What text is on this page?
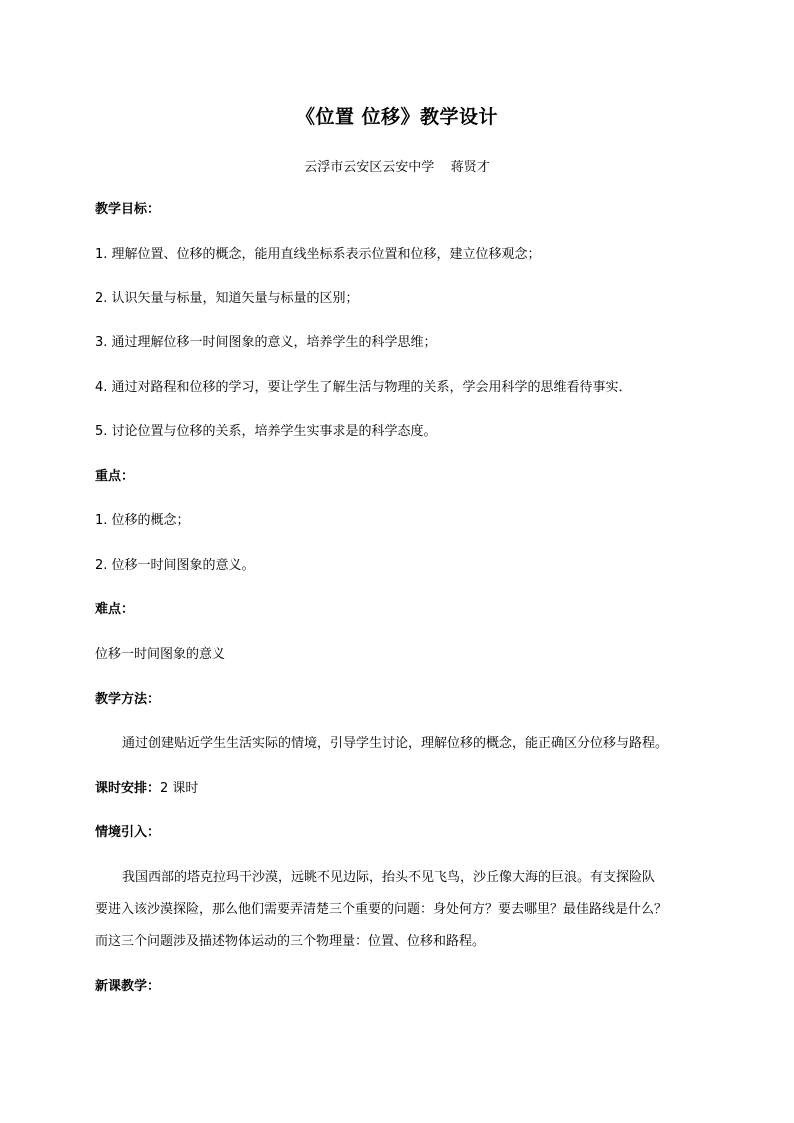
《位置 位移》教学设计

云浮市云安区云安中学    蒋贤才

教学目标：

1. 理解位置、位移的概念，能用直线坐标系表示位置和位移，建立位移观念；

2. 认识矢量与标量，知道矢量与标量的区别；

3. 通过理解位移一时间图象的意义，培养学生的科学思维；

4. 通过对路程和位移的学习，要让学生了解生活与物理的关系，学会用科学的思维看待事实．

5. 讨论位置与位移的关系，培养学生实事求是的科学态度。

重点：

1. 位移的概念；

2. 位移一时间图象的意义。

难点：

位移一时间图象的意义

教学方法：

通过创建贴近学生生活实际的情境，引导学生讨论，理解位移的概念，能正确区分位移与路程。

课时安排：2 课时

情境引入：

我国西部的塔克拉玛干沙漠，远眺不见边际，抬头不见飞鸟，沙丘像大海的巨浪。有支探险队

要进入该沙漠探险，那么他们需要弄清楚三个重要的问题：身处何方？要去哪里？最佳路线是什么？

而这三个问题涉及描述物体运动的三个物理量：位置、位移和路程。

新课教学：
